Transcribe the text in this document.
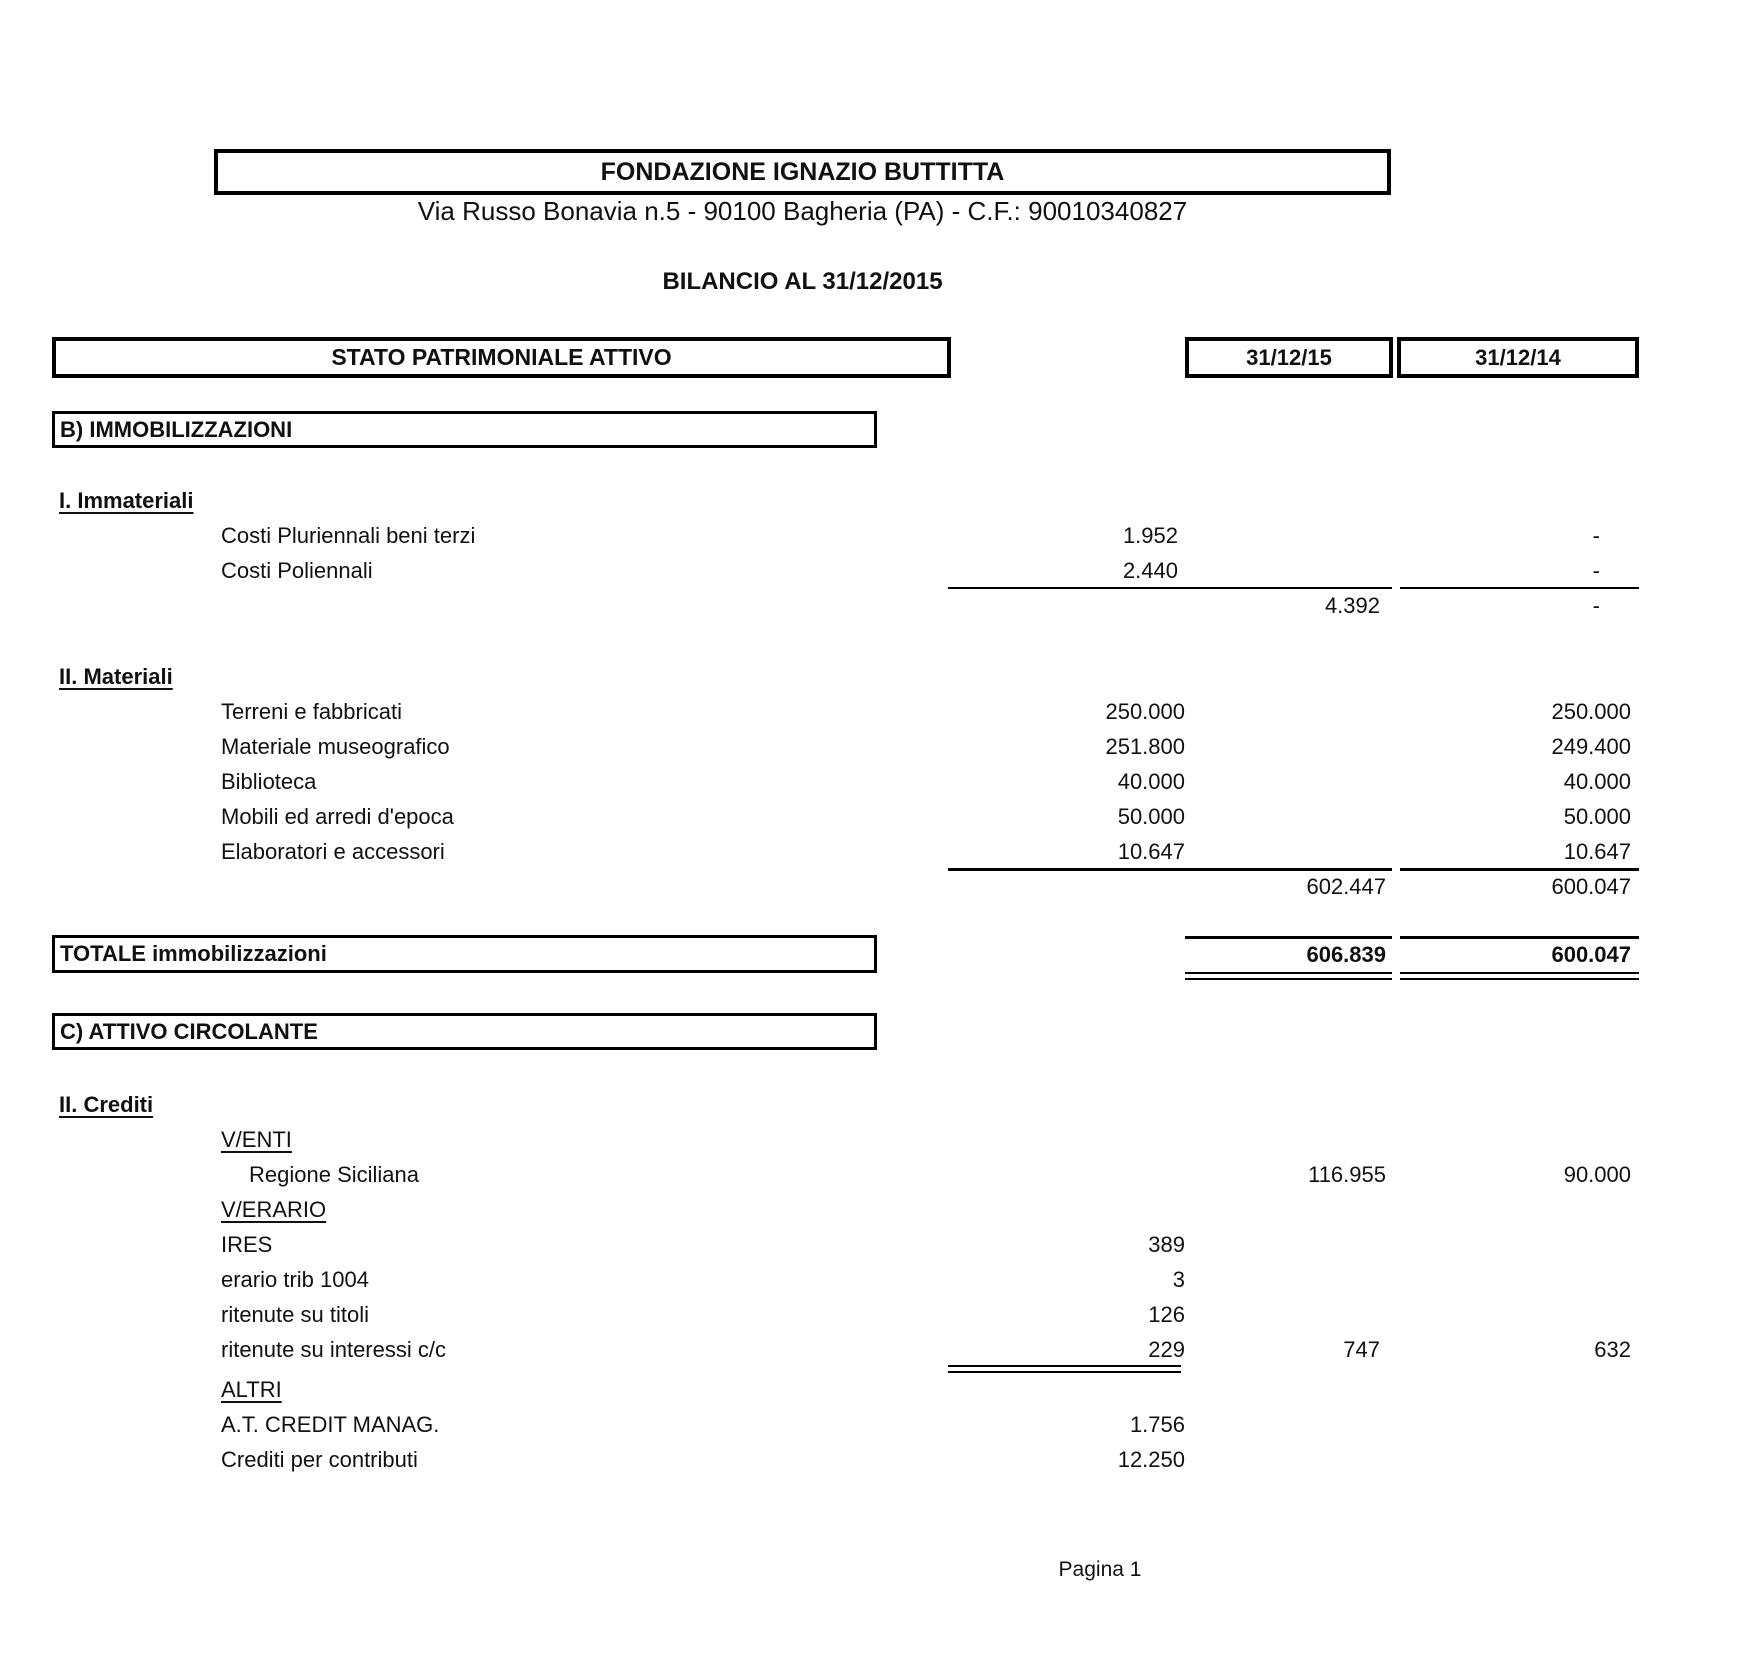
FONDAZIONE IGNAZIO BUTTITTA
Via Russo Bonavia n.5 - 90100 Bagheria (PA) - C.F.: 90010340827
BILANCIO AL 31/12/2015
STATO PATRIMONIALE ATTIVO	31/12/15	31/12/14
B) IMMOBILIZZAZIONI
I. Immateriali
Costi Pluriennali beni terzi	1.952	-
Costi Poliennali	2.440	-
4.392	-
II. Materiali
Terreni e fabbricati	250.000	250.000
Materiale museografico	251.800	249.400
Biblioteca	40.000	40.000
Mobili ed arredi d'epoca	50.000	50.000
Elaboratori e accessori	10.647	10.647
602.447	600.047
TOTALE immobilizzazioni	606.839	600.047
C) ATTIVO CIRCOLANTE
II. Crediti
V/ENTI
Regione Siciliana	116.955	90.000
V/ERARIO
IRES	389
erario trib 1004	3
ritenute su titoli	126
ritenute su interessi c/c	229	747	632
ALTRI
A.T. CREDIT MANAG.	1.756
Crediti per contributi	12.250
Pagina 1
